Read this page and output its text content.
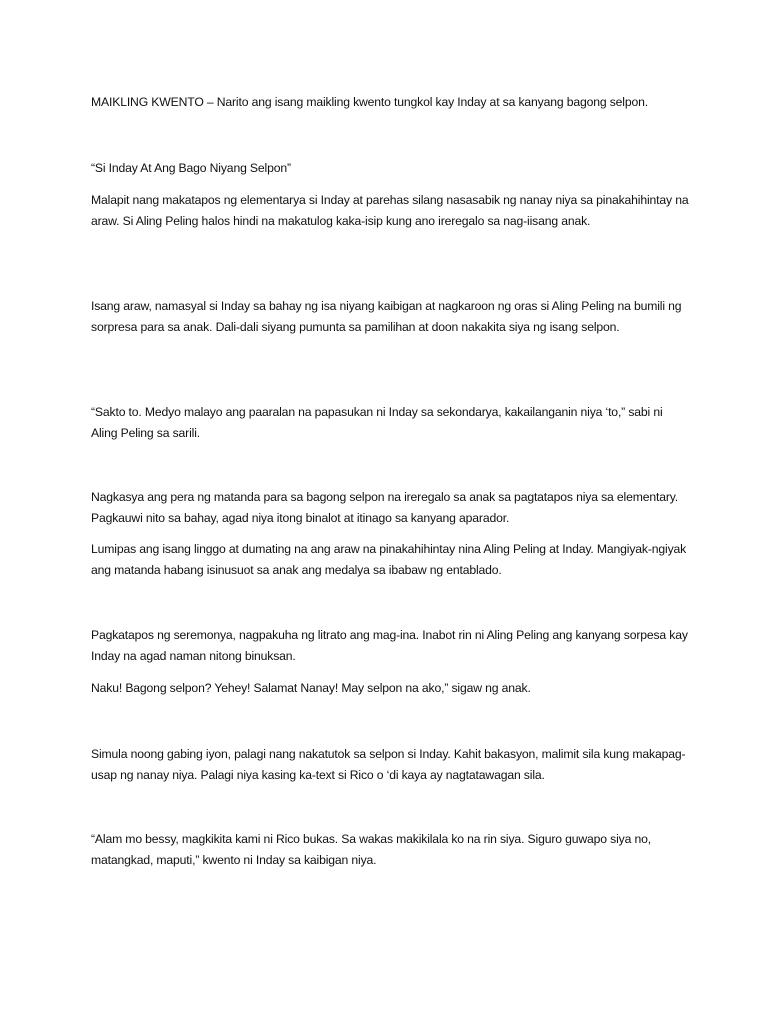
MAIKLING KWENTO – Narito ang isang maikling kwento tungkol kay Inday at sa kanyang bagong selpon.

“Si Inday At Ang Bago Niyang Selpon”

Malapit nang makatapos ng elementarya si Inday at parehas silang nasasabik ng nanay niya sa pinakahihintay na araw. Si Aling Peling halos hindi na makatulog kaka-isip kung ano ireregalo sa nag-iisang anak.

Isang araw, namasyal si Inday sa bahay ng isa niyang kaibigan at nagkaroon ng oras si Aling Peling na bumili ng sorpresa para sa anak. Dali-dali siyang pumunta sa pamilihan at doon nakakita siya ng isang selpon.

“Sakto to. Medyo malayo ang paaralan na papasukan ni Inday sa sekondarya, kakailanganin niya ‘to,” sabi ni Aling Peling sa sarili.

Nagkasya ang pera ng matanda para sa bagong selpon na ireregalo sa anak sa pagtatapos niya sa elementary. Pagkauwi nito sa bahay, agad niya itong binalot at itinago sa kanyang aparador.

Lumipas ang isang linggo at dumating na ang araw na pinakahihintay nina Aling Peling at Inday. Mangiyak-ngiyak ang matanda habang isinusuot sa anak ang medalya sa ibabaw ng entablado.

Pagkatapos ng seremonya, nagpakuha ng litrato ang mag-ina. Inabot rin ni Aling Peling ang kanyang sorpesa kay Inday na agad naman nitong binuksan.

Naku! Bagong selpon? Yehey! Salamat Nanay! May selpon na ako,” sigaw ng anak.

Simula noong gabing iyon, palagi nang nakatutok sa selpon si Inday. Kahit bakasyon, malimit sila kung makapag-usap ng nanay niya. Palagi niya kasing ka-text si Rico o ‘di kaya ay nagtatawagan sila.

“Alam mo bessy, magkikita kami ni Rico bukas. Sa wakas makikilala ko na rin siya. Siguro guwapo siya no, matangkad, maputi,” kwento ni Inday sa kaibigan niya.
